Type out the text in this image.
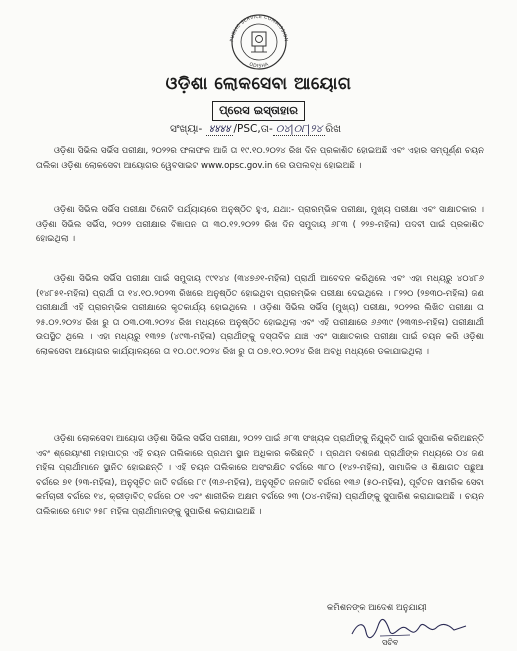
PUBLIC SERVICE COMMISSION
ODISHA
ଓଡ଼ିଶା ଲୋକସେବା ଆୟୋଗ
ପ୍ରେସ ଇସ୍ତାହାର
ସଂଖ୍ୟା- ४४४४ /PSC,ତା- ୦୪|୦୮|୨୪ ରିଖ

ଓଡ଼ିଶା ସିଭିଲ ସର୍ଭିସ ପରୀକ୍ଷା, ୨୦୨୨ର ଫଳାଫଳ ଆଜି ତା ୧୯.୧୦.୨୦୨୪ ରିଖ ଦିନ ପ୍ରକାଶିତ ହୋଇଅଛି ଏବଂ ଏହାର ସମ୍ପୂର୍ଣ୍ଣ ଚୟନ ତାଲିକା ଓଡ଼ିଶା ଲୋକସେବା ଆୟୋଗର ୱେବସାଇଟ www.opsc.gov.in ରେ ଉପଲବ୍ଧ ହୋଇଅଛି ।

ଓଡ଼ିଶା ସିଭିଲ ସର୍ଭିସ ପରୀକ୍ଷା ତିନୋଟି ପର୍ଯ୍ୟାୟରେ ଅନୁଷ୍ଠିତ ହୁଏ, ଯଥା:- ପ୍ରାରମ୍ଭିକ ପରୀକ୍ଷା, ମୁଖ୍ୟ ପରୀକ୍ଷା ଏବଂ ସାକ୍ଷାତକାର । ଓଡ଼ିଶା ସିଭିଲ ସର୍ଭିସ, ୨୦୨୨ ପରୀକ୍ଷାର ବିଜ୍ଞାପନ ତା ୩୦.୧୨.୨୦୨୨ ରିଖ ଦିନ ସମୁଦାୟ ୬୮୩ ( ୨୨୭-ମହିଳା) ପଦବୀ ପାଇଁ ପ୍ରକାଶିତ ହୋଇଥିଲା ।

ଓଡ଼ିଶା ସିଭିଲ ସର୍ଭିସ ପରୀକ୍ଷା ପାଇଁ ସମୁଦାୟ ୯୯୧୪୪ (୩୪୭୬୧-ମହିଳା) ପ୍ରାର୍ଥୀ ଆବେଦନ କରିଥିଲେ ଏବଂ ଏହା ମଧ୍ୟରୁ ୪୦୪୮୬ (୧୪୮୫୧-ମହିଳା) ପ୍ରାର୍ଥୀ ତା ୧୪.୧୦.୨୦୨୩ ରିଖରେ ଅନୁଷ୍ଠିତ ହୋଇଥିବା ପ୍ରାରମ୍ଭିକ ପରୀକ୍ଷା ଦେଇଥିଲେ । ୮୨୨୦ (୨୭୩୦-ମହିଳା) ଜଣ ପରୀକ୍ଷାର୍ଥୀ ଏହି ପ୍ରାରମ୍ଭିକ ପରୀକ୍ଷାରେ କୃତକାର୍ଯ୍ୟ ହୋଇଥିଲେ । ଓଡ଼ିଶା ସିଭିଲ ସର୍ଭିସ (ମୁଖ୍ୟ) ପରୀକ୍ଷା, ୨୦୨୨ର ଲିଖିତ ପରୀକ୍ଷା ତା ୨୫.୦୨.୨୦୨୪ ରିଖ ରୁ ତା ୦୩.୦୩.୨୦୨୪ ରିଖ ମଧ୍ୟରେ ଅନୁଷ୍ଠିତ ହୋଇଥିଲା ଏବଂ ଏହି ପରୀକ୍ଷାରେ ୬୬୩୯ (୨୩୩୭-ମହିଳା) ପରୀକ୍ଷାର୍ଥୀ ଉପସ୍ଥିତ ଥିଲେ । ଏହା ମଧ୍ୟରୁ ୧୩୨୭ (୪୯୩-ମହିଳା) ପ୍ରାର୍ଥୀଙ୍କୁ ଦସ୍ତାବିଜ ଯାଞ୍ଚ ଏବଂ ସାକ୍ଷାତକାର ପରୀକ୍ଷା ପାଇଁ ଚୟନ କରି ଓଡ଼ିଶା ଲୋକସେବା ଆୟୋଗର କାର୍ଯ୍ୟାଳୟରେ ତା ୧୦.୦୯.୨୦୨୪ ରିଖ ରୁ ତା ୦୭.୧୦.୨୦୨୪ ରିଖ ଅବଧି ମଧ୍ୟରେ ଡକାଯାଇଥିଲା ।

ଓଡ଼ିଶା ଲୋକସେବା ଆୟୋଗ ଓଡ଼ିଶା ସିଭିଲ ସର୍ଭିସ ପରୀକ୍ଷା, ୨୦୨୨ ପାଇଁ ୬୮୩ ସଂଖ୍ୟକ ପ୍ରାର୍ଥୀଙ୍କୁ ନିଯୁକ୍ତି ପାଇଁ ସୁପାରିଶ କରିଅଛନ୍ତି ଏବଂ ଶ୍ରେୟାଂଶୀ ମହାପାତ୍ର ଏହି ଚୟନ ତାଲିକାରେ ପ୍ରଥମ ସ୍ଥାନ ଅଧିକାର କରିଛନ୍ତି । ପ୍ରଥମ ଦଶଜଣ ପ୍ରାର୍ଥୀଙ୍କ ମଧ୍ୟରେ ୦୪ ଜଣ ମହିଳା ପ୍ରାର୍ଥୀମାନେ ସ୍ଥାନିତ ହୋଇଛନ୍ତି । ଏହି ଚୟନ ତାଲିକାରେ ଅସଂରକ୍ଷିତ ବର୍ଗରେ ୩୮୦ (୧୪୨-ମହିଳା), ସାମାଜିକ ଓ ଶିକ୍ଷାଗତ ପଛୁଆ ବର୍ଗରେ ୭୧ (୨୩-ମହିଳା), ଅନୁସୂଚିତ ଜାତି ବର୍ଗରେ ୮୯ (୩୬-ମହିଳା), ଅନୁସୂଚିତ ଜନଜାତି ବର୍ଗରେ ୧୩୬ (୫୦-ମହିଳା), ପୂର୍ବତନ ସାମରିକ ସେବା କର୍ମଚାରୀ ବର୍ଗରେ ୧୪, କ୍ରୀଡ଼ାବିତ୍ ବର୍ଗରେ ୦୧ ଏବଂ ଶାରୀରିକ ଅକ୍ଷମ ବର୍ଗରେ ୨୩ (୦୪-ମହିଳା) ପ୍ରାର୍ଥୀଙ୍କୁ ସୁପାରିଶ କରାଯାଇଅଛି । ଚୟନ ତାଲିକାରେ ମୋଟ ୨୫୮ ମହିଳା ପ୍ରାର୍ଥୀମାନଙ୍କୁ ସୁପାରିଶ କରାଯାଇଅଛି ।

କମିଶନଙ୍କ ଆଦେଶ ଅନୁଯାୟୀ
ସଚିବ
